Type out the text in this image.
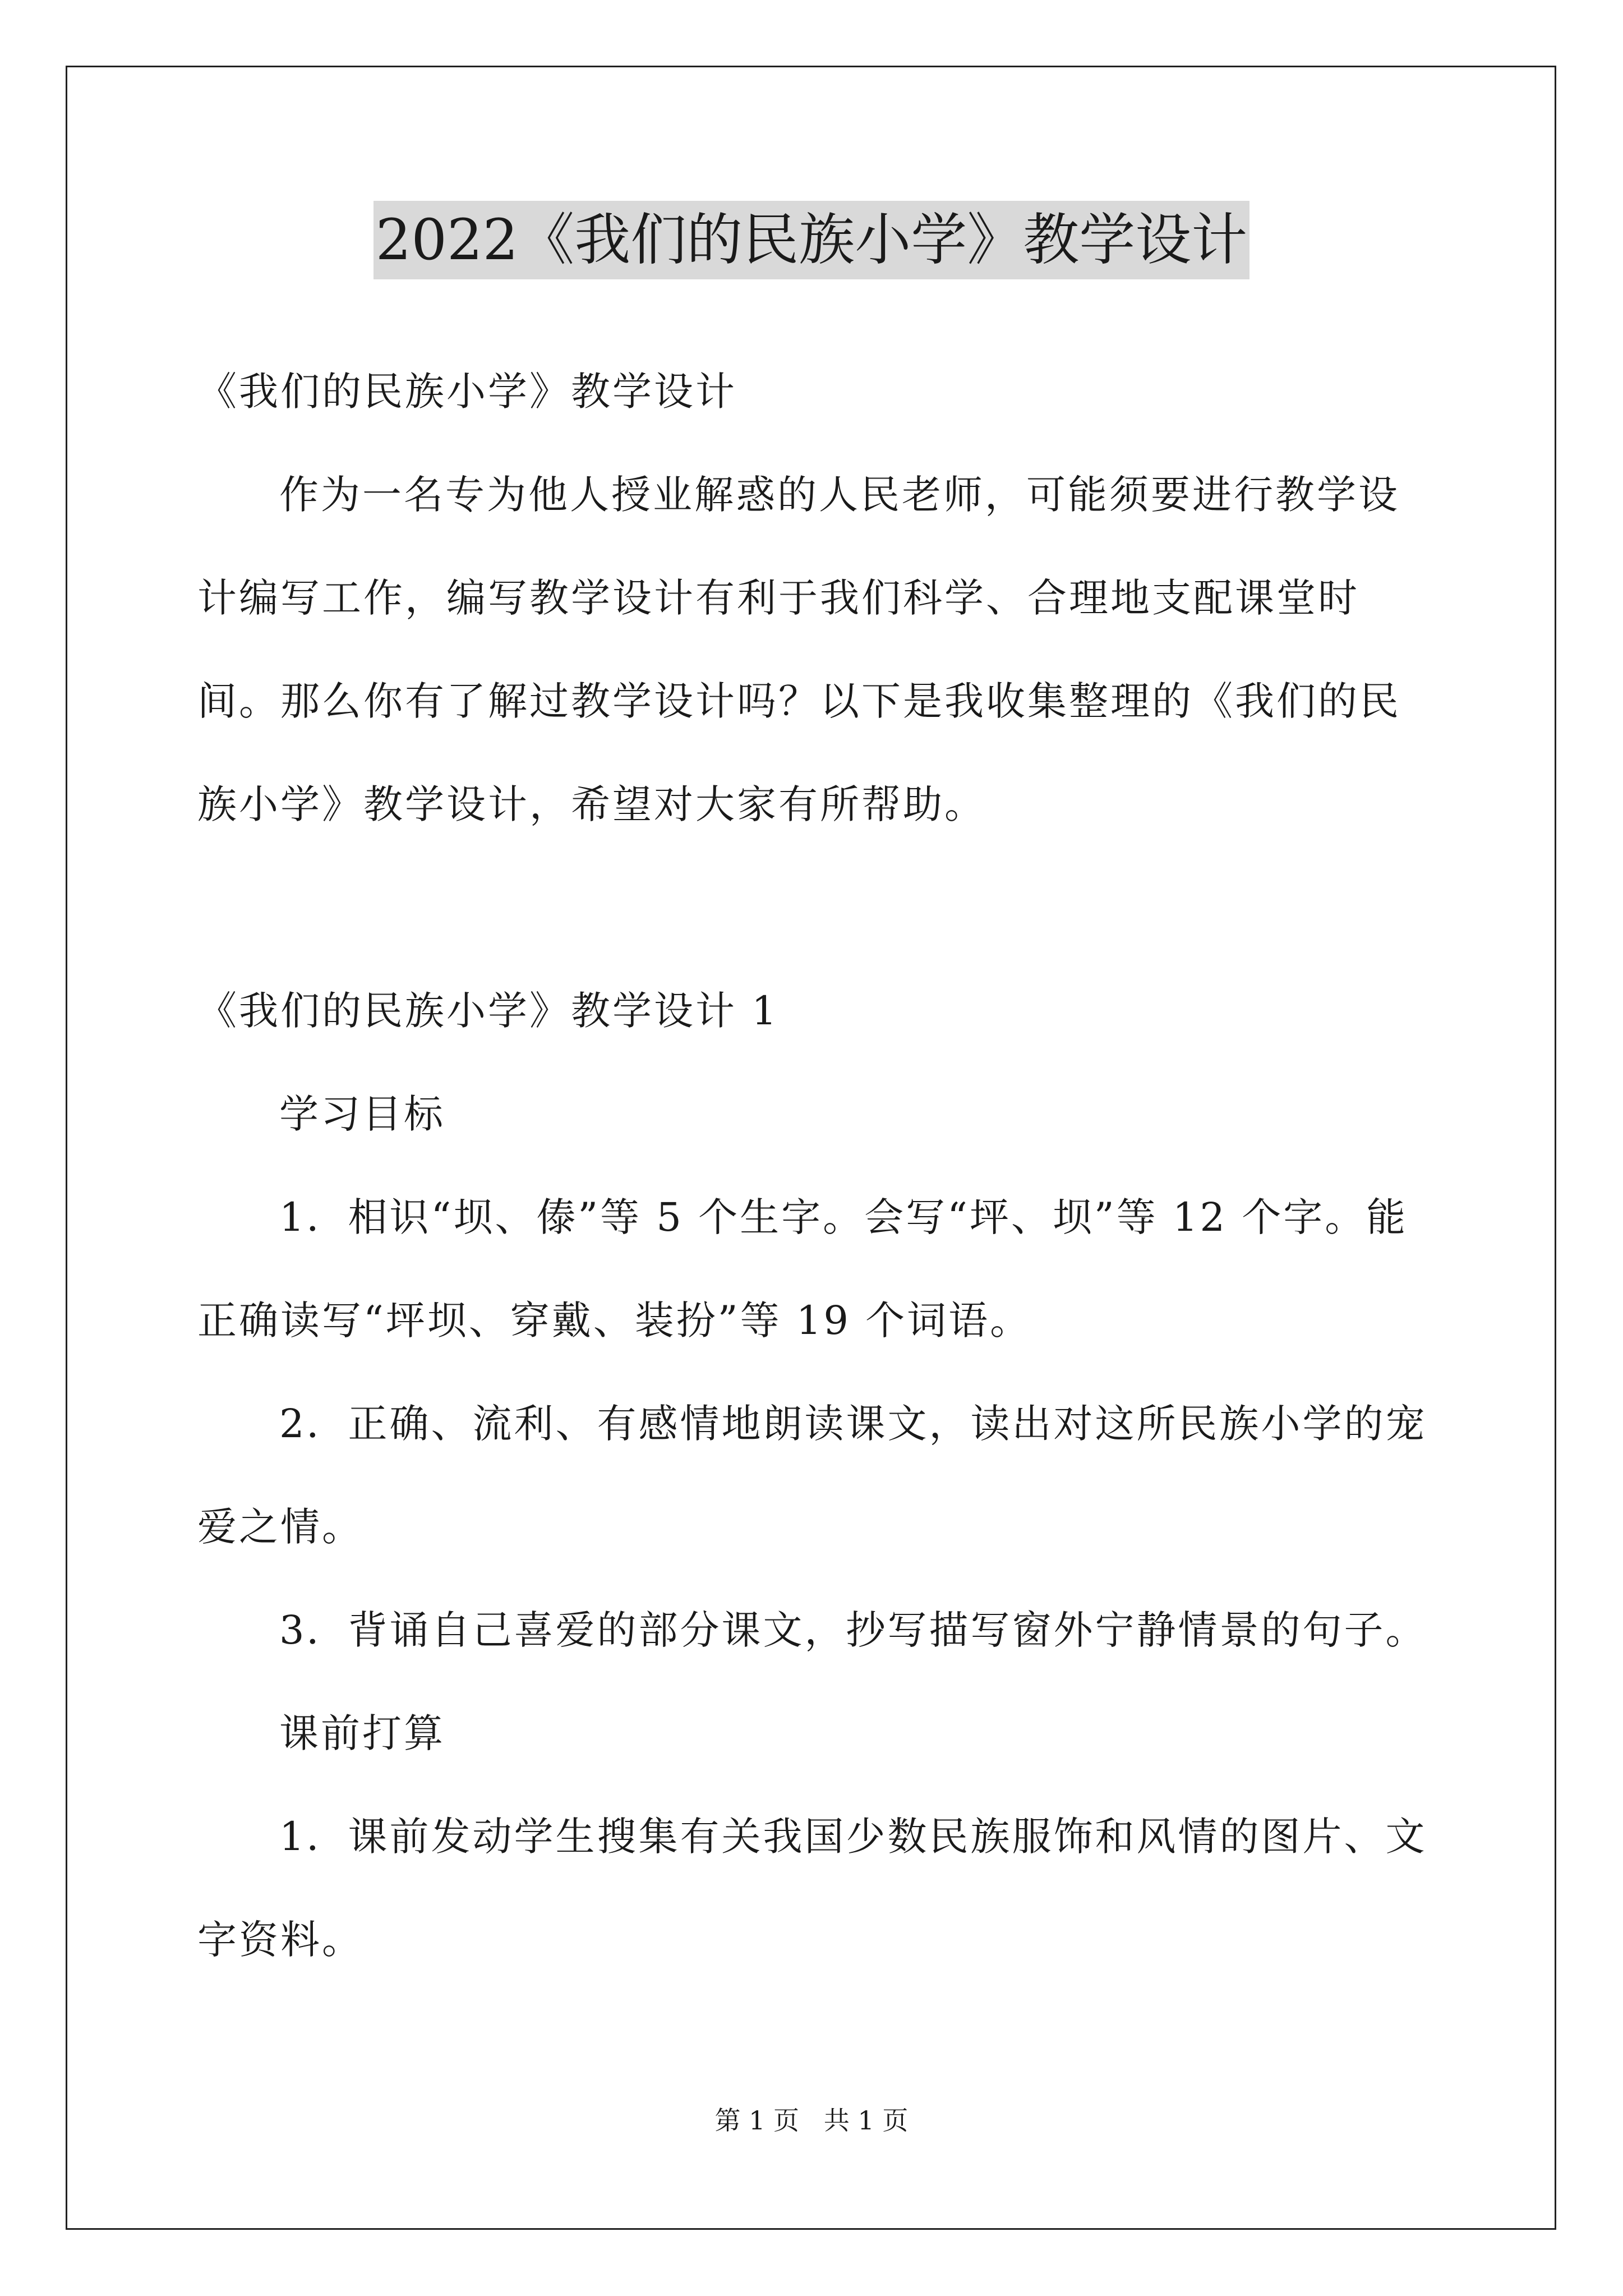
2022《我们的民族小学》教学设计

《我们的民族小学》教学设计

作为一名专为他人授业解惑的人民老师，可能须要进行教学设计编写工作，编写教学设计有利于我们科学、合理地支配课堂时间。那么你有了解过教学设计吗？以下是我收集整理的《我们的民族小学》教学设计，希望对大家有所帮助。

《我们的民族小学》教学设计 1

学习目标

1．相识“坝、傣”等 5 个生字。会写“坪、坝”等 12 个字。能正确读写“坪坝、穿戴、装扮”等 19 个词语。

2．正确、流利、有感情地朗读课文，读出对这所民族小学的宠爱之情。

3．背诵自己喜爱的部分课文，抄写描写窗外宁静情景的句子。

课前打算

1．课前发动学生搜集有关我国少数民族服饰和风情的图片、文字资料。

第 1 页   共 1 页
